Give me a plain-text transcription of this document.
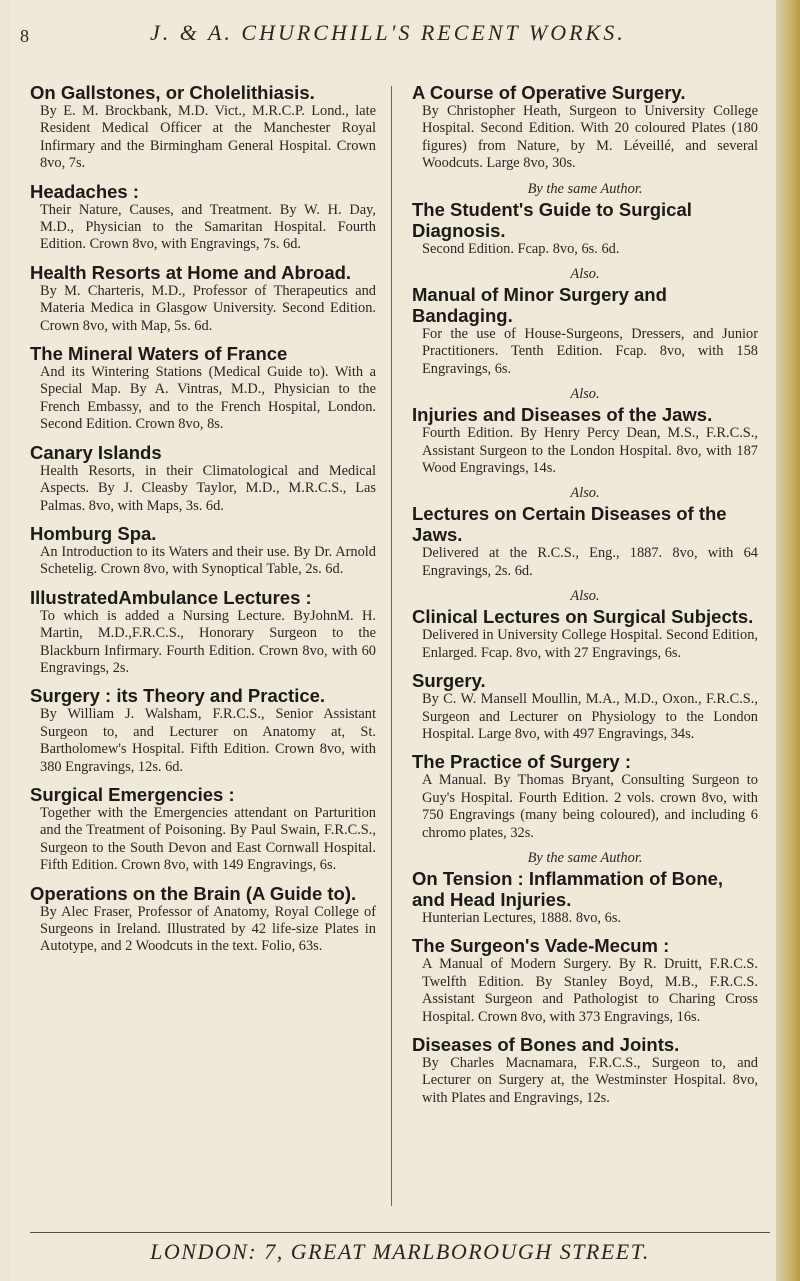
8	J. & A. CHURCHILL'S RECENT WORKS.
On Gallstones, or Cholelithiasis.
By E. M. Brockbank, M.D. Vict., M.R.C.P. Lond., late Resident Medical Officer at the Manchester Royal Infirmary and the Birmingham General Hospital. Crown 8vo, 7s.
Headaches :
Their Nature, Causes, and Treatment. By W. H. Day, M.D., Physician to the Samaritan Hospital. Fourth Edition. Crown 8vo, with Engravings, 7s. 6d.
Health Resorts at Home and Abroad.
By M. Charteris, M.D., Professor of Therapeutics and Materia Medica in Glasgow University. Second Edition. Crown 8vo, with Map, 5s. 6d.
The Mineral Waters of France
And its Wintering Stations (Medical Guide to). With a Special Map. By A. Vintras, M.D., Physician to the French Embassy, and to the French Hospital, London. Second Edition. Crown 8vo, 8s.
Canary Islands
Health Resorts, in their Climatological and Medical Aspects. By J. Cleasby Taylor, M.D., M.R.C.S., Las Palmas. 8vo, with Maps, 3s. 6d.
Homburg Spa.
An Introduction to its Waters and their use. By Dr. Arnold Schetelig. Crown 8vo, with Synoptical Table, 2s. 6d.
IllustratedAmbulance Lectures :
To which is added a Nursing Lecture. ByJohnM. H. Martin, M.D.,F.R.C.S., Honorary Surgeon to the Blackburn Infirmary. Fourth Edition. Crown 8vo, with 60 Engravings, 2s.
Surgery : its Theory and Practice.
By William J. Walsham, F.R.C.S., Senior Assistant Surgeon to, and Lecturer on Anatomy at, St. Bartholomew's Hospital. Fifth Edition. Crown 8vo, with 380 Engravings, 12s. 6d.
Surgical Emergencies :
Together with the Emergencies attendant on Parturition and the Treatment of Poisoning. By Paul Swain, F.R.C.S., Surgeon to the South Devon and East Cornwall Hospital. Fifth Edition. Crown 8vo, with 149 Engravings, 6s.
Operations on the Brain (A Guide to).
By Alec Fraser, Professor of Anatomy, Royal College of Surgeons in Ireland. Illustrated by 42 life-size Plates in Autotype, and 2 Woodcuts in the text. Folio, 63s.
A Course of Operative Surgery.
By Christopher Heath, Surgeon to University College Hospital. Second Edition. With 20 coloured Plates (180 figures) from Nature, by M. Léveillé, and several Woodcuts. Large 8vo, 30s.
By the same Author.
The Student's Guide to Surgical Diagnosis.
Second Edition. Fcap. 8vo, 6s. 6d.
Also.
Manual of Minor Surgery and Bandaging.
For the use of House-Surgeons, Dressers, and Junior Practitioners. Tenth Edition. Fcap. 8vo, with 158 Engravings, 6s.
Also.
Injuries and Diseases of the Jaws.
Fourth Edition. By Henry Percy Dean, M.S., F.R.C.S., Assistant Surgeon to the London Hospital. 8vo, with 187 Wood Engravings, 14s.
Also.
Lectures on Certain Diseases of the Jaws.
Delivered at the R.C.S., Eng., 1887. 8vo, with 64 Engravings, 2s. 6d.
Also.
Clinical Lectures on Surgical Subjects.
Delivered in University College Hospital. Second Edition, Enlarged. Fcap. 8vo, with 27 Engravings, 6s.
Surgery.
By C. W. Mansell Moullin, M.A., M.D., Oxon., F.R.C.S., Surgeon and Lecturer on Physiology to the London Hospital. Large 8vo, with 497 Engravings, 34s.
The Practice of Surgery :
A Manual. By Thomas Bryant, Consulting Surgeon to Guy's Hospital. Fourth Edition. 2 vols. crown 8vo, with 750 Engravings (many being coloured), and including 6 chromo plates, 32s.
By the same Author.
On Tension : Inflammation of Bone, and Head Injuries.
Hunterian Lectures, 1888. 8vo, 6s.
The Surgeon's Vade-Mecum :
A Manual of Modern Surgery. By R. Druitt, F.R.C.S. Twelfth Edition. By Stanley Boyd, M.B., F.R.C.S. Assistant Surgeon and Pathologist to Charing Cross Hospital. Crown 8vo, with 373 Engravings, 16s.
Diseases of Bones and Joints.
By Charles Macnamara, F.R.C.S., Surgeon to, and Lecturer on Surgery at, the Westminster Hospital. 8vo, with Plates and Engravings, 12s.
LONDON: 7, GREAT MARLBOROUGH STREET.
